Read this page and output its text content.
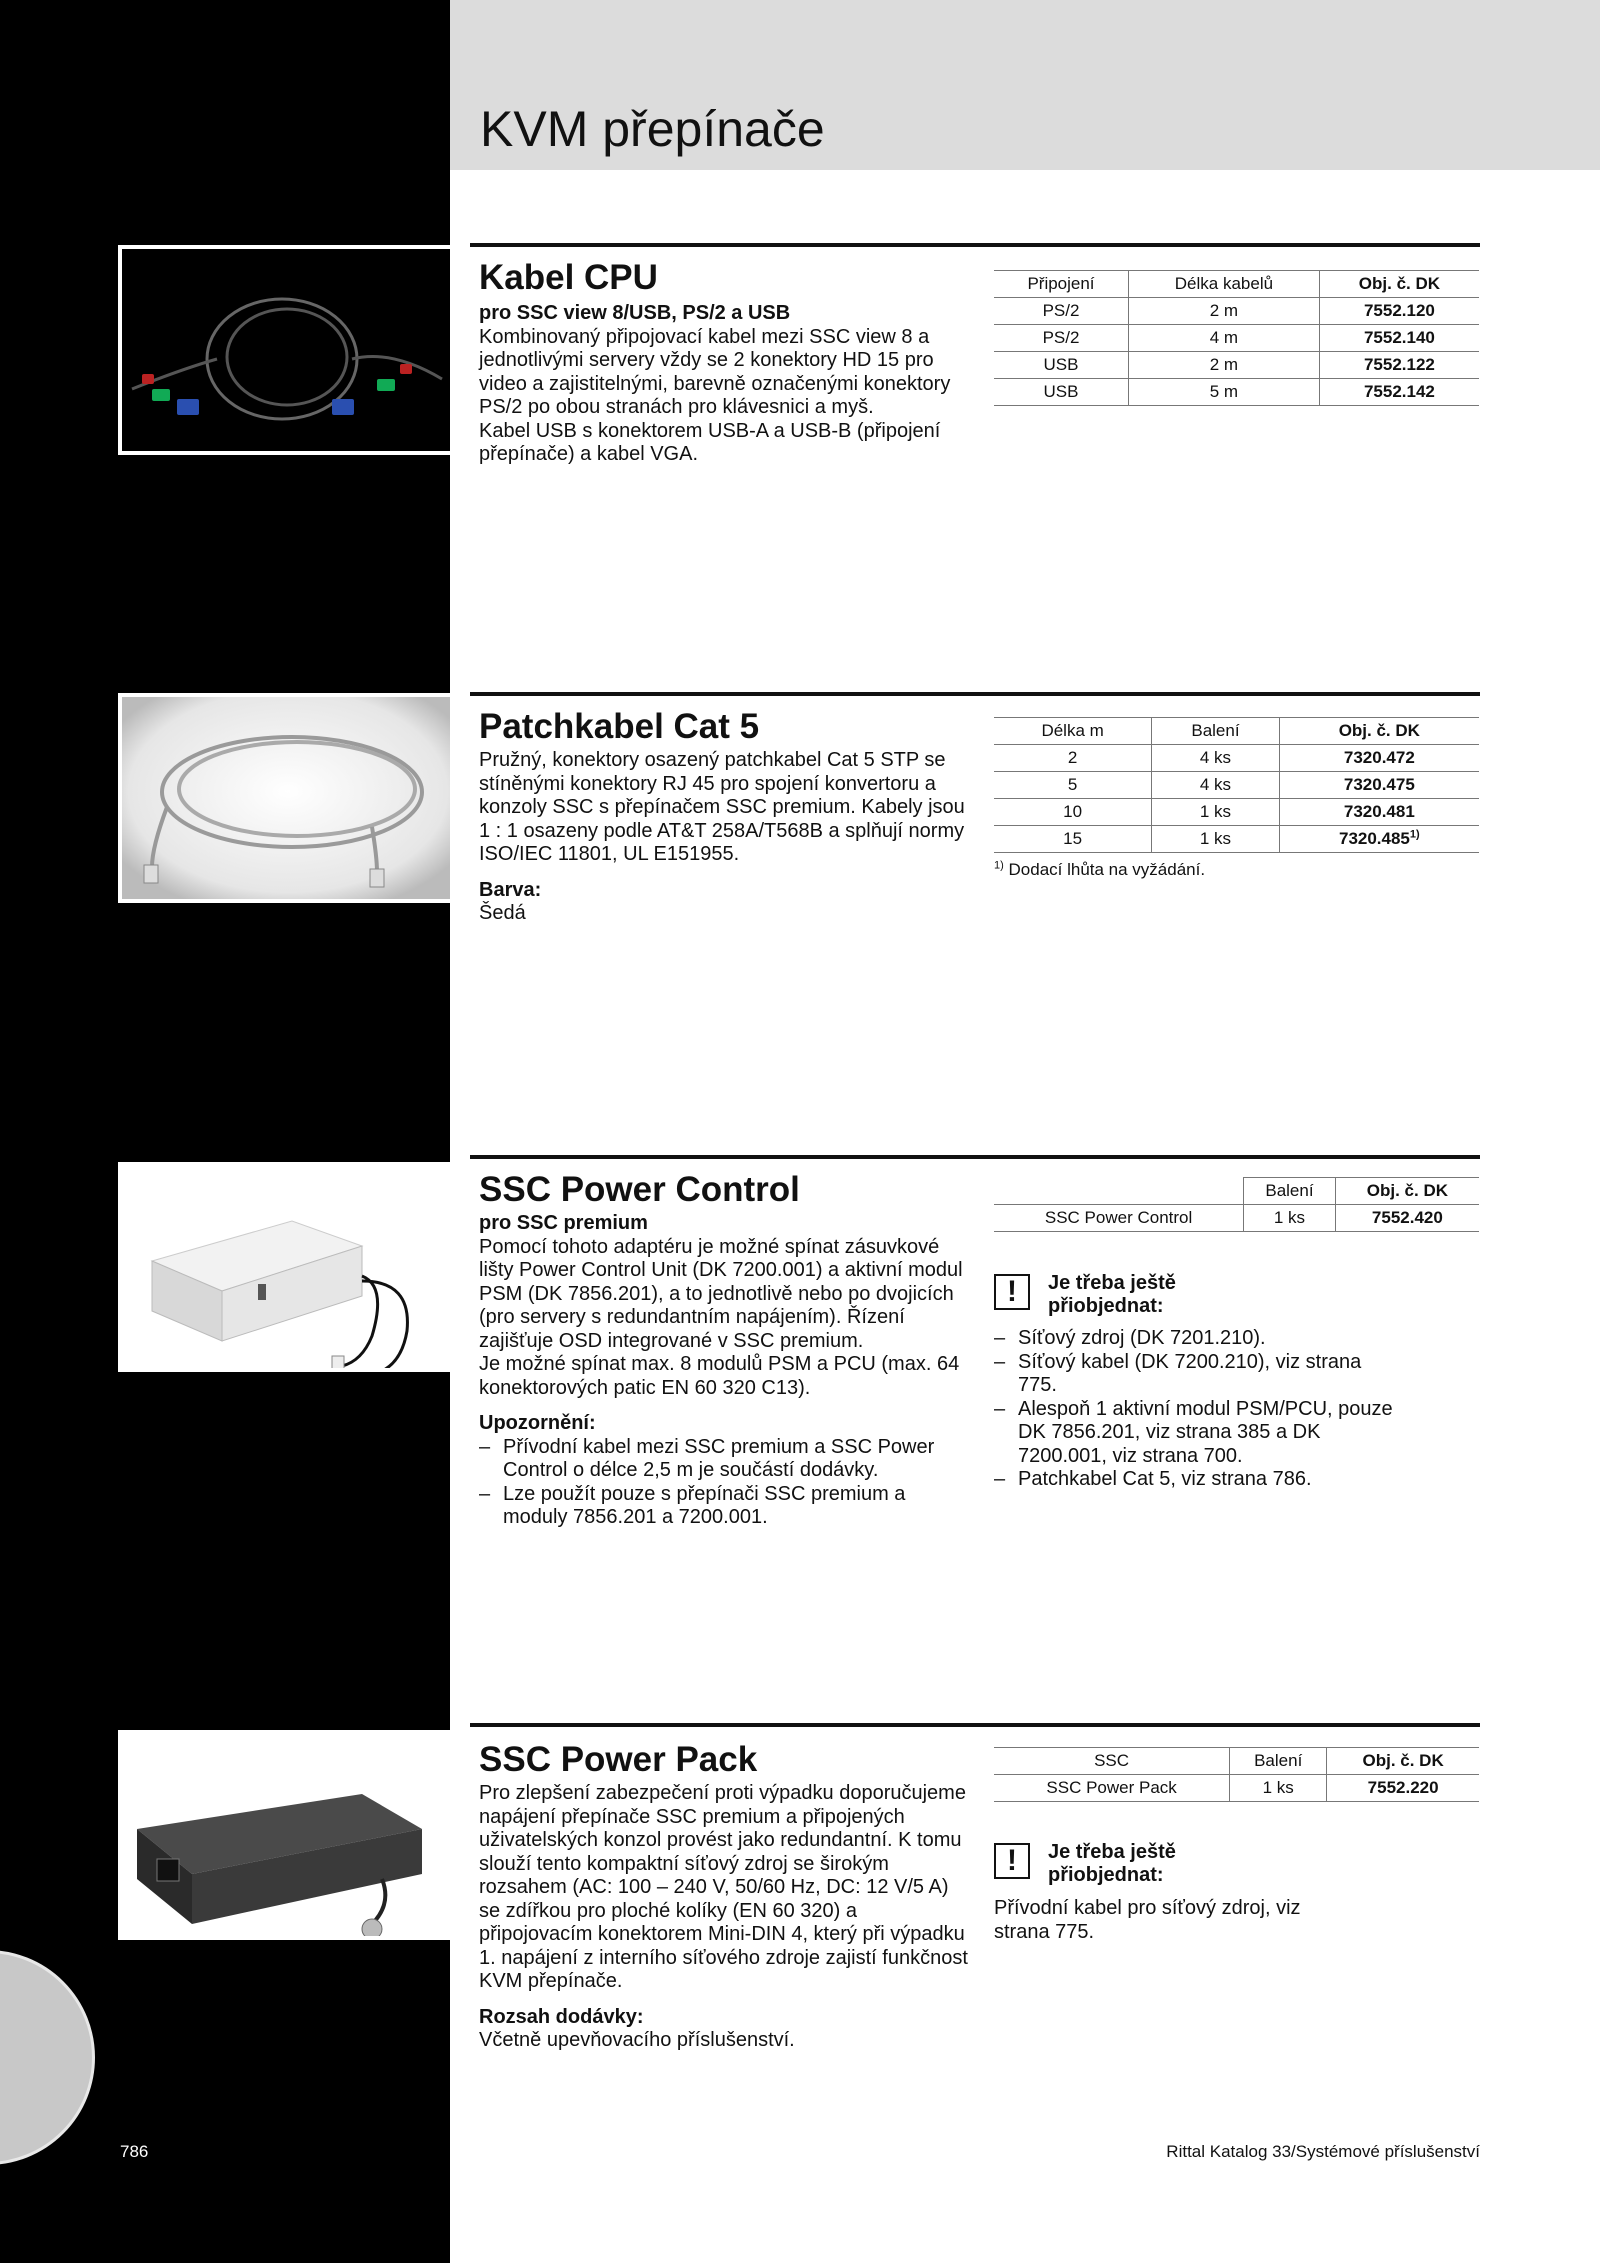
KVM přepínače
Kabel CPU

pro SSC view 8/USB, PS/2 a USB

Kombinovaný připojovací kabel mezi SSC view 8 a jednotlivými servery vždy se 2 konektory HD 15 pro video a zajistitelnými, barevně označenými konektory PS/2 po obou stranách pro klávesnici a myš.

Kabel USB s konektorem USB-A a USB-B (připojení přepínače) a kabel VGA.

Připojení	Délka kabelů	Obj. č. DK
PS/2	2 m	7552.120
PS/2	4 m	7552.140
USB	2 m	7552.122
USB	5 m	7552.142
Patchkabel Cat 5

Pružný, konektory osazený patchkabel Cat 5 STP se stíněnými konektory RJ 45 pro spojení konvertoru a konzoly SSC s přepínačem SSC premium. Kabely jsou 1 : 1 osazeny podle AT&T 258A/T568B a splňují normy ISO/IEC 11801, UL E151955.

Barva:

Šedá

Délka m	Balení	Obj. č. DK
2	4 ks	7320.472
5	4 ks	7320.475
10	1 ks	7320.481
15	1 ks	7320.485$^{1)}$
$^{1)}$ Dodací lhůta na vyžádání.
SSC Power Control

pro SSC premium

Pomocí tohoto adaptéru je možné spínat zásuvkové lišty Power Control Unit (DK 7200.001) a aktivní modul PSM (DK 7856.201), a to jednotlivě nebo po dvojicích (pro servery s redundantním napájením). Řízení zajišťuje OSD integrované v SSC premium.

Je možné spínat max. 8 modulů PSM a PCU (max. 64 konektorových patic EN 60 320 C13).

Upozornění:

– Přívodní kabel mezi SSC premium a SSC Power Control o délce 2,5 m je součástí dodávky.
– Lze použít pouze s přepínači SSC premium a moduly 7856.201 a 7200.001.
	Balení	Obj. č. DK
SSC Power Control	1 ks	7552.420
!	Je třeba ještě
přiobjednat:
– Síťový zdroj (DK 7201.210).
– Síťový kabel (DK 7200.210), viz strana 775.
– Alespoň 1 aktivní modul PSM/PCU, pouze DK 7856.201, viz strana 385 a DK 7200.001, viz strana 700.
– Patchkabel Cat 5, viz strana 786.
SSC Power Pack

Pro zlepšení zabezpečení proti výpadku doporučujeme napájení přepínače SSC premium a připojených uživatelských konzol provést jako redundantní. K tomu slouží tento kompaktní síťový zdroj se širokým rozsahem (AC: 100 – 240 V, 50/60 Hz, DC: 12 V/5 A) se zdířkou pro ploché kolíky (EN 60 320) a připojovacím konektorem Mini-DIN 4, který při výpadku 1. napájení z interního síťového zdroje zajistí funkčnost KVM přepínače.

Rozsah dodávky:

Včetně upevňovacího příslušenství.

SSC	Balení	Obj. č. DK
SSC Power Pack	1 ks	7552.220
!	Je třeba ještě
přiobjednat:
Přívodní kabel pro síťový zdroj, viz strana 775.
786	Rittal Katalog 33/Systémové příslušenství
